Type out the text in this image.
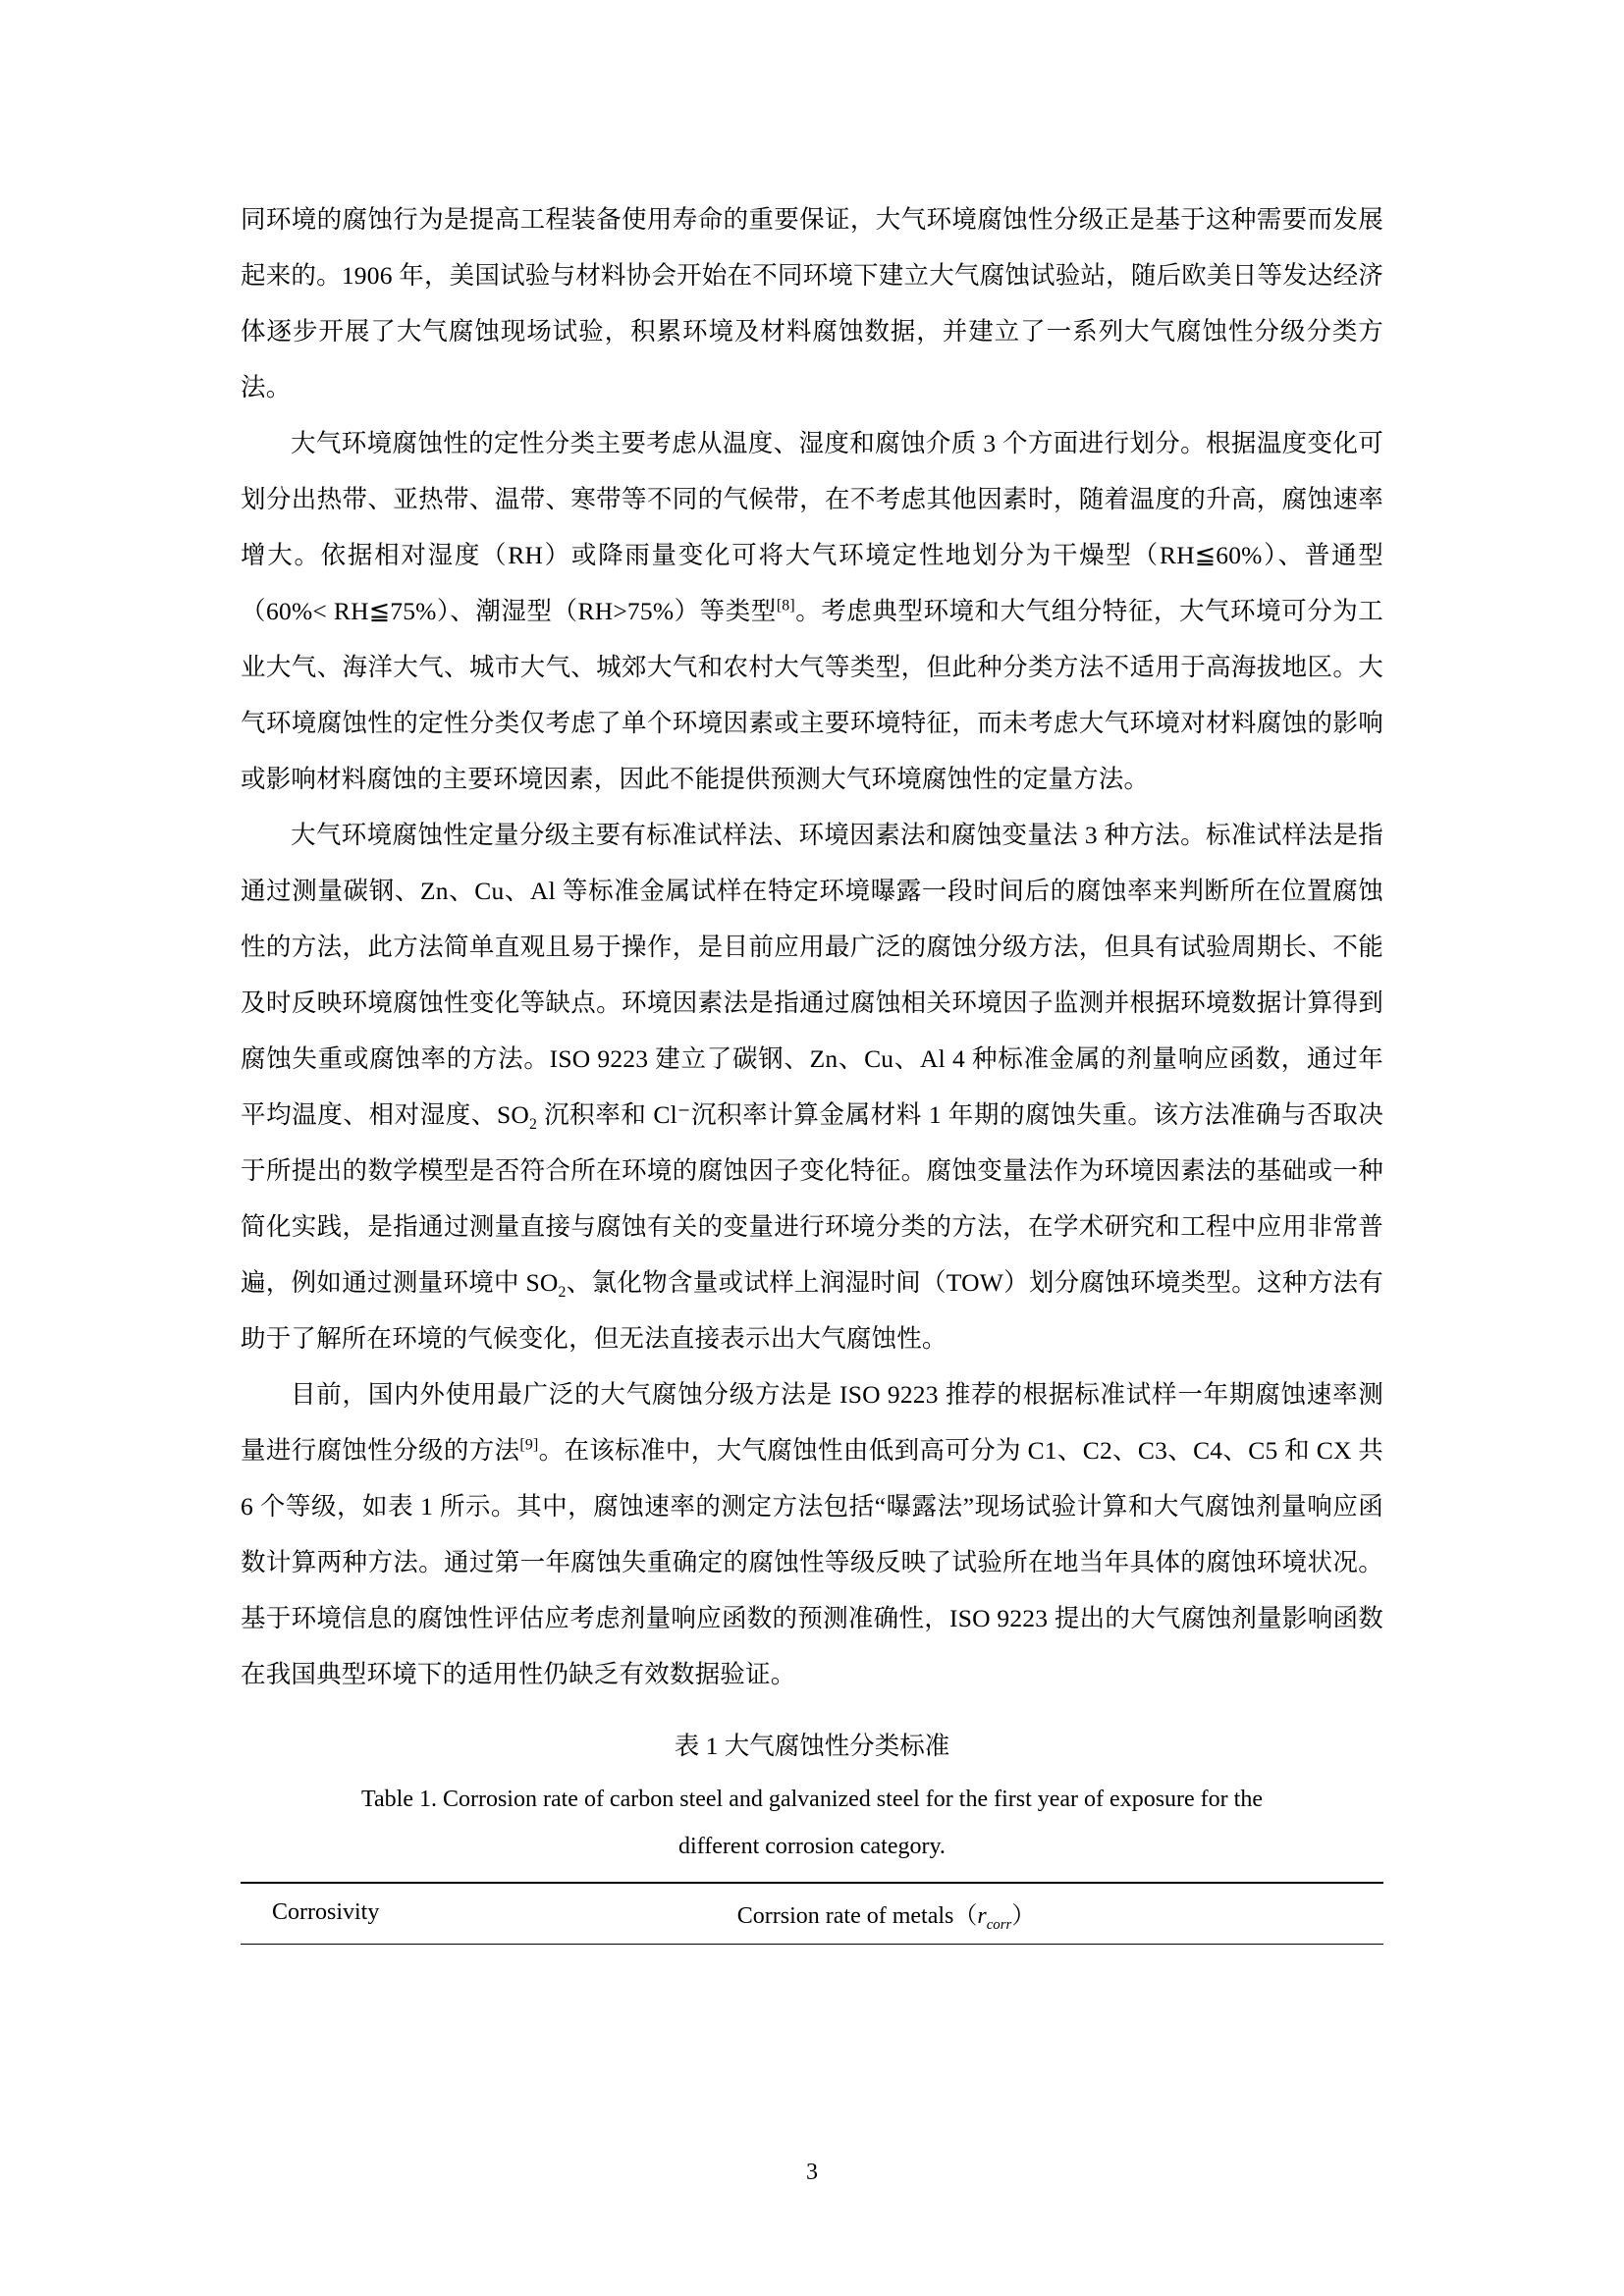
同环境的腐蚀行为是提高工程装备使用寿命的重要保证，大气环境腐蚀性分级正是基于这种需要而发展起来的。1906 年，美国试验与材料协会开始在不同环境下建立大气腐蚀试验站，随后欧美日等发达经济体逐步开展了大气腐蚀现场试验，积累环境及材料腐蚀数据，并建立了一系列大气腐蚀性分级分类方法。

大气环境腐蚀性的定性分类主要考虑从温度、湿度和腐蚀介质 3 个方面进行划分。根据温度变化可划分出热带、亚热带、温带、寒带等不同的气候带，在不考虑其他因素时，随着温度的升高，腐蚀速率增大。依据相对湿度（RH）或降雨量变化可将大气环境定性地划分为干燥型（RH≦60%）、普通型（60%< RH≦75%）、潮湿型（RH>75%）等类型[8]。考虑典型环境和大气组分特征，大气环境可分为工业大气、海洋大气、城市大气、城郊大气和农村大气等类型，但此种分类方法不适用于高海拔地区。大气环境腐蚀性的定性分类仅考虑了单个环境因素或主要环境特征，而未考虑大气环境对材料腐蚀的影响或影响材料腐蚀的主要环境因素，因此不能提供预测大气环境腐蚀性的定量方法。

大气环境腐蚀性定量分级主要有标准试样法、环境因素法和腐蚀变量法 3 种方法。标准试样法是指通过测量碳钢、Zn、Cu、Al 等标准金属试样在特定环境曝露一段时间后的腐蚀率来判断所在位置腐蚀性的方法，此方法简单直观且易于操作，是目前应用最广泛的腐蚀分级方法，但具有试验周期长、不能及时反映环境腐蚀性变化等缺点。环境因素法是指通过腐蚀相关环境因子监测并根据环境数据计算得到腐蚀失重或腐蚀率的方法。ISO 9223 建立了碳钢、Zn、Cu、Al 4 种标准金属的剂量响应函数，通过年平均温度、相对湿度、$SO_2$ 沉积率和 Cl⁻沉积率计算金属材料 1 年期的腐蚀失重。该方法准确与否取决于所提出的数学模型是否符合所在环境的腐蚀因子变化特征。腐蚀变量法作为环境因素法的基础或一种简化实践，是指通过测量直接与腐蚀有关的变量进行环境分类的方法，在学术研究和工程中应用非常普遍，例如通过测量环境中 $SO_2$、氯化物含量或试样上润湿时间（TOW）划分腐蚀环境类型。这种方法有助于了解所在环境的气候变化，但无法直接表示出大气腐蚀性。

目前，国内外使用最广泛的大气腐蚀分级方法是 ISO 9223 推荐的根据标准试样一年期腐蚀速率测量进行腐蚀性分级的方法[9]。在该标准中，大气腐蚀性由低到高可分为 C1、C2、C3、C4、C5 和 CX 共 6 个等级，如表 1 所示。其中，腐蚀速率的测定方法包括“曝露法”现场试验计算和大气腐蚀剂量响应函数计算两种方法。通过第一年腐蚀失重确定的腐蚀性等级反映了试验所在地当年具体的腐蚀环境状况。基于环境信息的腐蚀性评估应考虑剂量响应函数的预测准确性，ISO 9223 提出的大气腐蚀剂量影响函数在我国典型环境下的适用性仍缺乏有效数据验证。

表 1 大气腐蚀性分类标准
Table 1. Corrosion rate of carbon steel and galvanized steel for the first year of exposure for the
different corrosion category.
Corrosivity	Corrsion rate of $metals(r_{corr})$
3
